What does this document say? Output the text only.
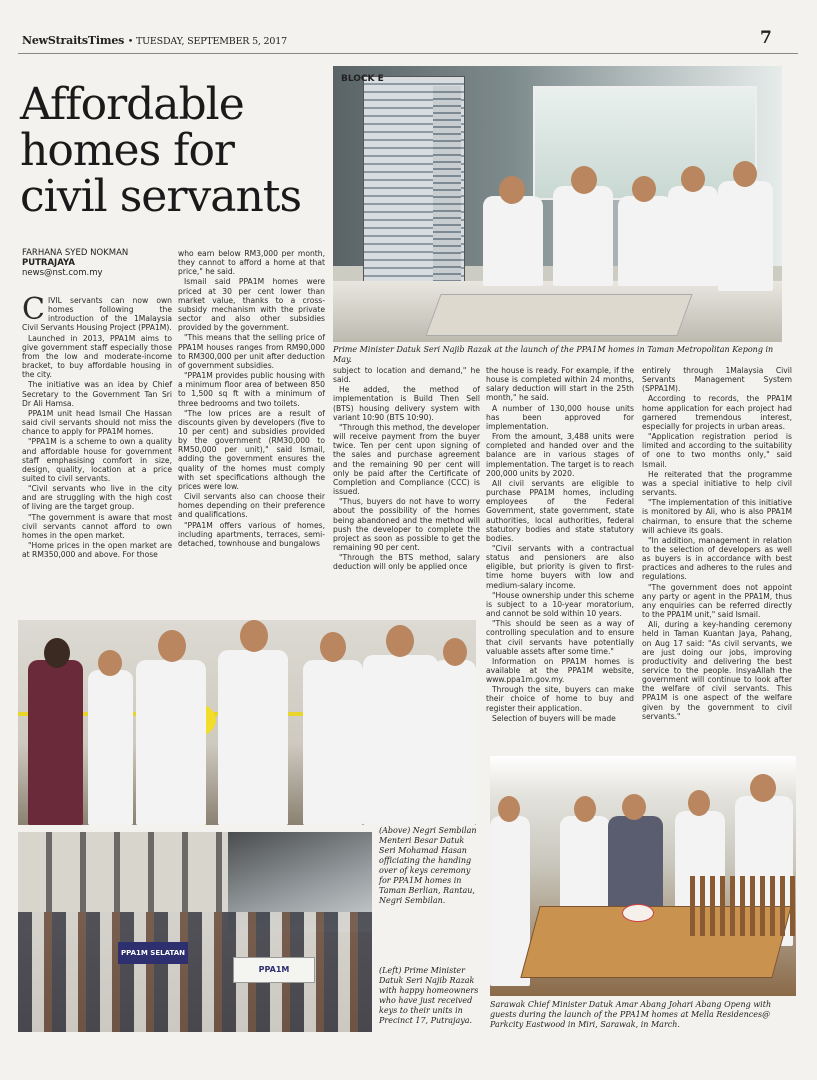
NewStraitsTimes • TUESDAY, SEPTEMBER 5, 2017	7
Affordable homes for civil servants
FARHANA SYED NOKMAN
PUTRAJAYA
news@nst.com.my
BLOCK E
Prime Minister Datuk Seri Najib Razak at the launch of the PPA1M homes in Taman Metropolitan Kepong in May.

CIVIL servants can now own homes following the introduction of the 1Malaysia Civil Servants Housing Project (PPA1M).

Launched in 2013, PPA1M aims to give government staff especially those from the low and moderate-income bracket, to buy affordable housing in the city.

The initiative was an idea by Chief Secretary to the Government Tan Sri Dr Ali Hamsa.

PPA1M unit head Ismail Che Hassan said civil servants should not miss the chance to apply for PPA1M homes.

"PPA1M is a scheme to own a quality and affordable house for government staff emphasising comfort in size, design, quality, location at a price suited to civil servants.

"Civil servants who live in the city and are struggling with the high cost of living are the target group.

"The government is aware that most civil servants cannot afford to own homes in the open market.

"Home prices in the open market are at RM350,000 and above. For those

who earn below RM3,000 per month, they cannot to afford a home at that price," he said.

Ismail said PPA1M homes were priced at 30 per cent lower than market value, thanks to a cross-subsidy mechanism with the private sector and also other subsidies provided by the government.

"This means that the selling price of PPA1M houses ranges from RM90,000 to RM300,000 per unit after deduction of government subsidies.

"PPA1M provides public housing with a minimum floor area of between 850 to 1,500 sq ft with a minimum of three bedrooms and two toilets.

"The low prices are a result of discounts given by developers (five to 10 per cent) and subsidies provided by the government (RM30,000 to RM50,000 per unit)," said Ismail, adding the government ensures the quality of the homes must comply with set specifications although the prices were low.

Civil servants also can choose their homes depending on their preference and qualifications.

"PPA1M offers various of homes, including apartments, terraces, semi-detached, townhouse and bungalows

subject to location and demand," he said.

He added, the method of implementation is Build Then Sell (BTS) housing delivery system with variant 10:90 (BTS 10:90).

"Through this method, the developer will receive payment from the buyer twice. Ten per cent upon signing of the sales and purchase agreement and the remaining 90 per cent will only be paid after the Certificate of Completion and Compliance (CCC) is issued.

"Thus, buyers do not have to worry about the possibility of the homes being abandoned and the method will push the developer to complete the project as soon as possible to get the remaining 90 per cent.

"Through the BTS method, salary deduction will only be applied once

the house is ready. For example, if the house is completed within 24 months, salary deduction will start in the 25th month," he said.

A number of 130,000 house units has been approved for implementation.

From the amount, 3,488 units were completed and handed over and the balance are in various stages of implementation. The target is to reach 200,000 units by 2020.

All civil servants are eligible to purchase PPA1M homes, including employees of the Federal Government, state government, state authorities, local authorities, federal statutory bodies and state statutory bodies.

"Civil servants with a contractual status and pensioners are also eligible, but priority is given to first-time home buyers with low and medium-salary income.

"House ownership under this scheme is subject to a 10-year moratorium, and cannot be sold within 10 years.

"This should be seen as a way of controlling speculation and to ensure that civil servants have potentially valuable assets after some time."

Information on PPA1M homes is available at the PPA1M website, www.ppa1m.gov.my.

Through the site, buyers can make their choice of home to buy and register their application.

Selection of buyers will be made

entirely through 1Malaysia Civil Servants Management System (SPPA1M).

According to records, the PPA1M home application for each project had garnered tremendous interest, especially for projects in urban areas.

"Application registration period is limited and according to the suitability of one to two months only," said Ismail.

He reiterated that the programme was a special initiative to help civil servants.

"The implementation of this initiative is monitored by Ali, who is also PPA1M chairman, to ensure that the scheme will achieve its goals.

"In addition, management in relation to the selection of developers as well as buyers is in accordance with best practices and adheres to the rules and regulations.

"The government does not appoint any party or agent in the PPA1M, thus any enquiries can be referred directly to the PPA1M unit," said Ismail.

Ali, during a key-handing ceremony held in Taman Kuantan Jaya, Pahang, on Aug 17 said: "As civil servants, we are just doing our jobs, improving productivity and delivering the best service to the people. InsyaAllah the government will continue to look after the welfare of civil servants. This PPA1M is one aspect of the welfare given by the government to civil servants."

PPA1M SELATAN
PPA1M
(Above) Negri Sembilan Menteri Besar Datuk Seri Mohamad Hasan officiating the handing over of keys ceremony for PPA1M homes in Taman Berlian, Rantau, Negri Sembilan.
(Left) Prime Minister Datuk Seri Najib Razak with happy homeowners who have just received keys to their units in Precinct 17, Putrajaya.
Sarawak Chief Minister Datuk Amar Abang Johari Abang Openg with guests during the launch of the PPA1M homes at Mella Residences@ Parkcity Eastwood in Miri, Sarawak, in March.
